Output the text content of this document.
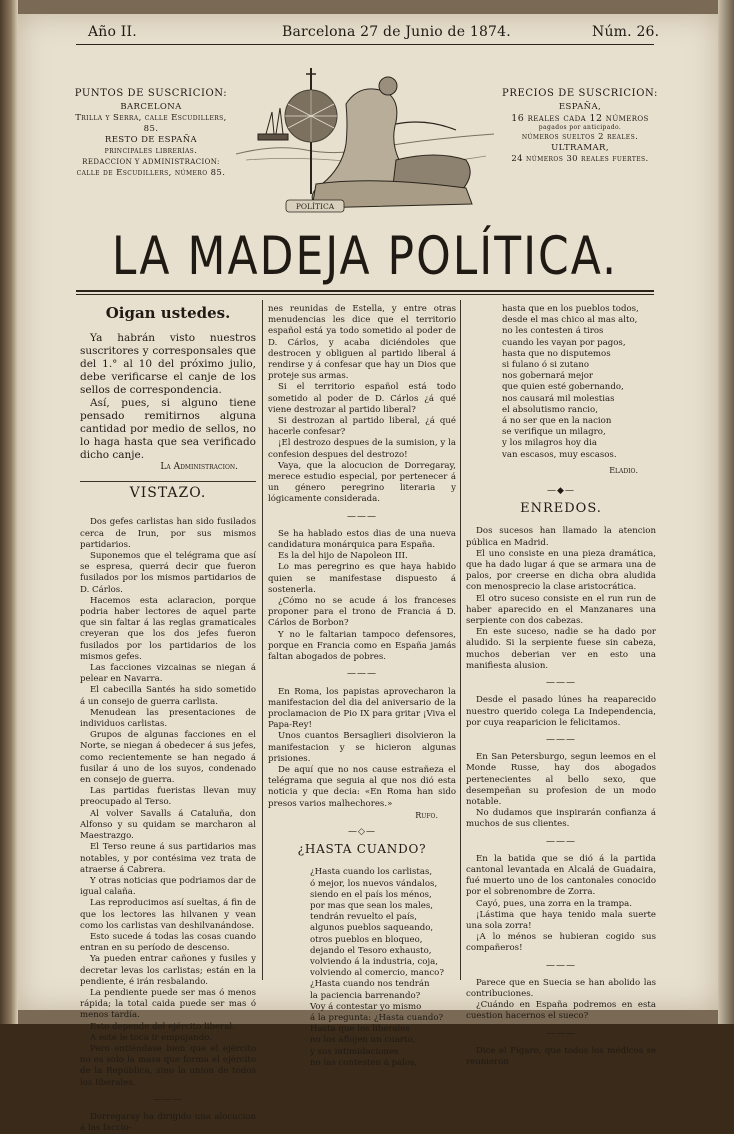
Año II.	Barcelona 27 de Junio de 1874.	Núm. 26.
PUNTOS DE SUSCRICION:
BARCELONA
Trilla y Serra, calle Escudillers, 85.
RESTO DE ESPAÑA
principales librerías.
REDACCION Y ADMINISTRACION:
calle de Escudillers, número 85.
POLÍTICA
PRECIOS DE SUSCRICION:
ESPAÑA,
16 reales cada 12 números
pagados por anticipado.
números sueltos 2 reales.
ULTRAMAR,
24 números 30 reales fuertes.
LA MADEJA POLÍTICA.
Oigan ustedes.

Ya habrán visto nuestros suscritores y corresponsales que del 1.° al 10 del próximo julio, debe verificarse el canje de los sellos de correspondencia.

Así, pues, si alguno tiene pensado remitirnos alguna cantidad por medio de sellos, no lo haga hasta que sea verificado dicho canje.

La Administracion.
VISTAZO.

Dos gefes carlistas han sido fusilados cerca de Irun, por sus mismos partidarios.

Suponemos que el telégrama que así se espresa, querrá decir que fueron fusilados por los mismos partidarios de D. Cárlos.

Hacemos esta aclaracion, porque podria haber lectores de aquel parte que sin faltar á las reglas gramaticales creyeran que los dos jefes fueron fusilados por los partidarios de los mismos gefes.

Las facciones vizcainas se niegan á pelear en Navarra.

El cabecilla Santés ha sido sometido á un consejo de guerra carlista.

Menudean las presentaciones de individuos carlistas.

Grupos de algunas facciones en el Norte, se niegan á obedecer á sus jefes, como recientemente se han negado á fusilar á uno de los suyos, condenado en consejo de guerra.

Las partidas fueristas llevan muy preocupado al Terso.

Al volver Savalls á Cataluña, don Alfonso y su quidam se marcharon al Maestrazgo.

El Terso reune á sus partidarios mas notables, y por contésima vez trata de atraerse á Cabrera.

Y otras noticias que podriamos dar de igual calaña.

Las reproducimos así sueltas, á fin de que los lectores las hilvanen y vean como los carlistas van deshilvanándose.

Esto sucede á todas las cosas cuando entran en su período de descenso.

Ya pueden entrar cañones y fusiles y decretar levas los carlistas; están en la pendiente, é irán resbalando.

La pendiente puede ser mas ó menos rápida; la total caida puede ser mas ó menos tardía.

Esto depende del ejército liberal.

A este le toca ir empujando.

Pero entiéndase bien que el ejército no es solo la masa que forma el ejército de la República, sino la union de todos los liberales.

———

Dorregaray ha dirigido una alocucion á las faccio-

nes reunidas de Estella, y entre otras menudencias les dice que el territorio español está ya todo sometido al poder de D. Cárlos, y acaba diciéndoles que destrocen y obliguen al partido liberal á rendirse y á confesar que hay un Dios que proteje sus armas.

Si el territorio español está todo sometido al poder de D. Cárlos ¿á qué viene destrozar al partido liberal?

Si destrozan al partido liberal, ¿á qué hacerle confesar?

¡El destrozo despues de la sumision, y la confesion despues del destrozo!

Vaya, que la alocucion de Dorregaray, merece estudio especial, por pertenecer á un género peregrino literaria y lógicamente considerada.

———

Se ha hablado estos dias de una nueva candidatura monárquica para España.

Es la del hijo de Napoleon III.

Lo mas peregrino es que haya habido quien se manifestase dispuesto á sostenerla.

¿Cómo no se acude á los franceses proponer para el trono de Francia á D. Cárlos de Borbon?

Y no le faltarian tampoco defensores, porque en Francia como en España jamás faltan abogados de pobres.

———

En Roma, los papistas aprovecharon la manifestacion del dia del aniversario de la proclamacion de Pio IX para gritar ¡Viva el Papa-Rey!

Unos cuantos Bersaglieri disolvieron la manifestacion y se hicieron algunas prisiones.

De aquí que no nos cause estrañeza el telégrama que seguia al que nos dió esta noticia y que decia: «En Roma han sido presos varios malhechores.»

Rufo.
—◇—
¿HASTA CUANDO?

¿Hasta cuando los carlistas,

ó mejor, los nuevos vándalos,

siendo en el país los ménos,

por mas que sean los males,

tendrán revuelto el país,

algunos pueblos saqueando,

otros pueblos en bloqueo,

dejando el Tesoro exhausto,

volviendo á la industria, coja,

volviendo al comercio, manco?

¿Hasta cuando nos tendrán

la paciencia barrenando?

Voy á contestar yo mismo

á la pregunta: ¿Hasta cuando?

Hasta que los liberales

no los aflojen un cuarto,

y sus intimidaciones

no las contesten á palos,

hasta que en los pueblos todos,

desde el mas chico al mas alto,

no les contesten á tiros

cuando les vayan por pagos,

hasta que no disputemos

si fulano ó si zutano

nos gobernará mejor

que quien esté gobernando,

nos causará mil molestias

el absolutismo rancio,

á no ser que en la nacion

se verifique un milagro,

y los milagros hoy dia

van escasos, muy escasos.

Eladio.
—◆—
ENREDOS.

Dos sucesos han llamado la atencion pública en Madrid.

El uno consiste en una pieza dramática, que ha dado lugar á que se armara una de palos, por creerse en dicha obra aludida con menosprecio la clase aristocrática.

El otro suceso consiste en el run run de haber aparecido en el Manzanares una serpiente con dos cabezas.

En este suceso, nadie se ha dado por aludido. Si la serpiente fuese sin cabeza, muchos deberian ver en esto una manifiesta alusion.

———

Desde el pasado lúnes ha reaparecido nuestro querido colega La Independencia, por cuya reaparicion le felicitamos.

———

En San Petersburgo, segun leemos en el Monde Russe, hay dos abogados pertenecientes al bello sexo, que desempeñan su profesion de un modo notable.

No dudamos que inspirarán confianza á muchos de sus clientes.

———

En la batida que se dió á la partida cantonal levantada en Alcalá de Guadaira, fué muerto uno de los cantonales conocido por el sobrenombre de Zorra.

Cayó, pues, una zorra en la trampa.

¡Lástima que haya tenido mala suerte una sola zorra!

¡A lo ménos se hubieran cogido sus compañeros!

———

Parece que en Suecia se han abolido las contribuciones.

¿Cuándo en España podremos en esta cuestion hacernos el sueco?

———

Dice el Fígaro, que todos los médicos se reunieron
